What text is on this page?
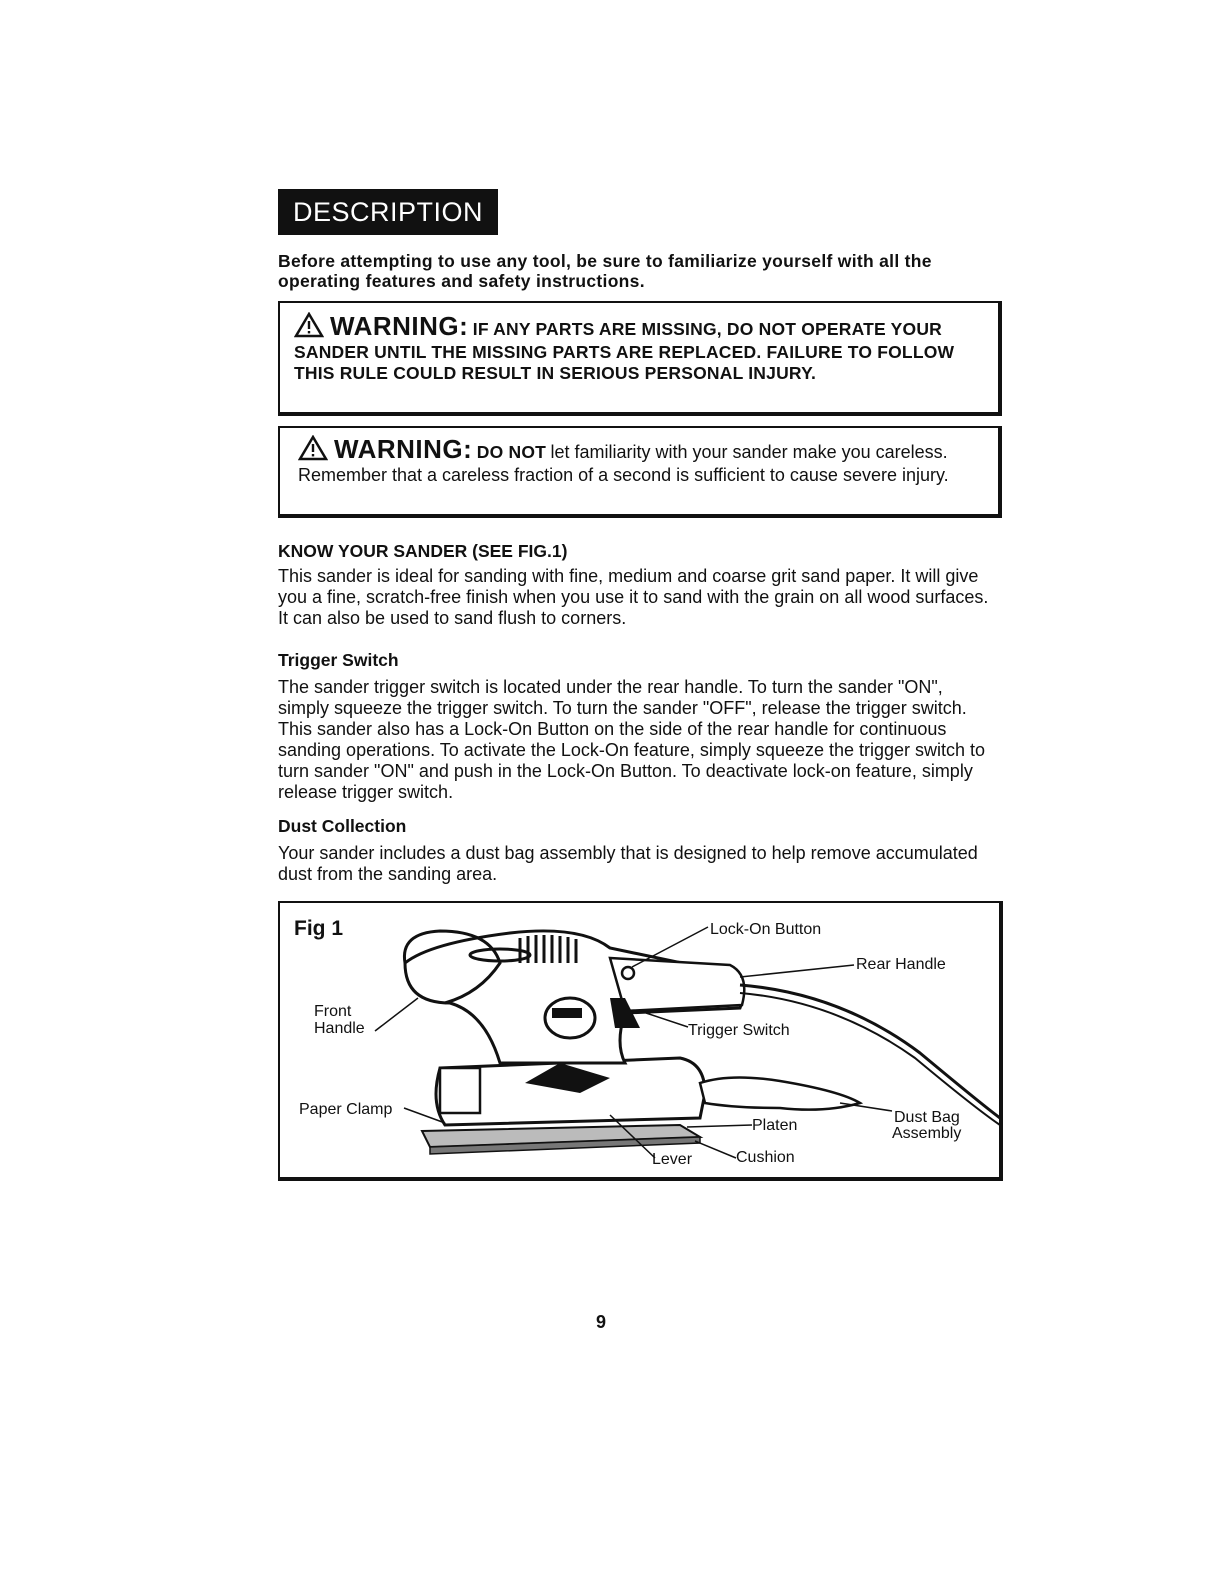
DESCRIPTION

Before attempting to use any tool, be sure to familiarize yourself with all the operating features and safety instructions.

WARNING: IF ANY PARTS ARE MISSING, DO NOT OPERATE YOUR SANDER UNTIL THE MISSING PARTS ARE REPLACED. FAILURE TO FOLLOW THIS RULE COULD RESULT IN SERIOUS PERSONAL INJURY.
WARNING: DO NOT let familiarity with your sander make you careless. Remember that a careless fraction of a second is sufficient to cause severe injury.
KNOW YOUR SANDER (SEE FIG.1)

This sander is ideal for sanding with fine, medium and coarse grit sand paper. It will give you a fine, scratch-free finish when you use it to sand with the grain on all wood surfaces. It can also be used to sand flush to corners.

Trigger Switch

The sander trigger switch is located under the rear handle. To turn the sander "ON", simply squeeze the trigger switch. To turn the sander "OFF", release the trigger switch. This sander also has a Lock-On Button on the side of the rear handle for continuous sanding operations. To activate the Lock-On feature, simply squeeze the trigger switch to turn sander "ON" and push in the Lock-On Button. To deactivate lock-on feature, simply release trigger switch.

Dust Collection

Your sander includes a dust bag assembly that is designed to help remove accumulated dust from the sanding area.

Fig 1	Lock-On Button
Rear Handle
Front
Handle	Trigger Switch
Paper Clamp
Platen	Dust Bag
Assembly
Lever	Cushion
9
